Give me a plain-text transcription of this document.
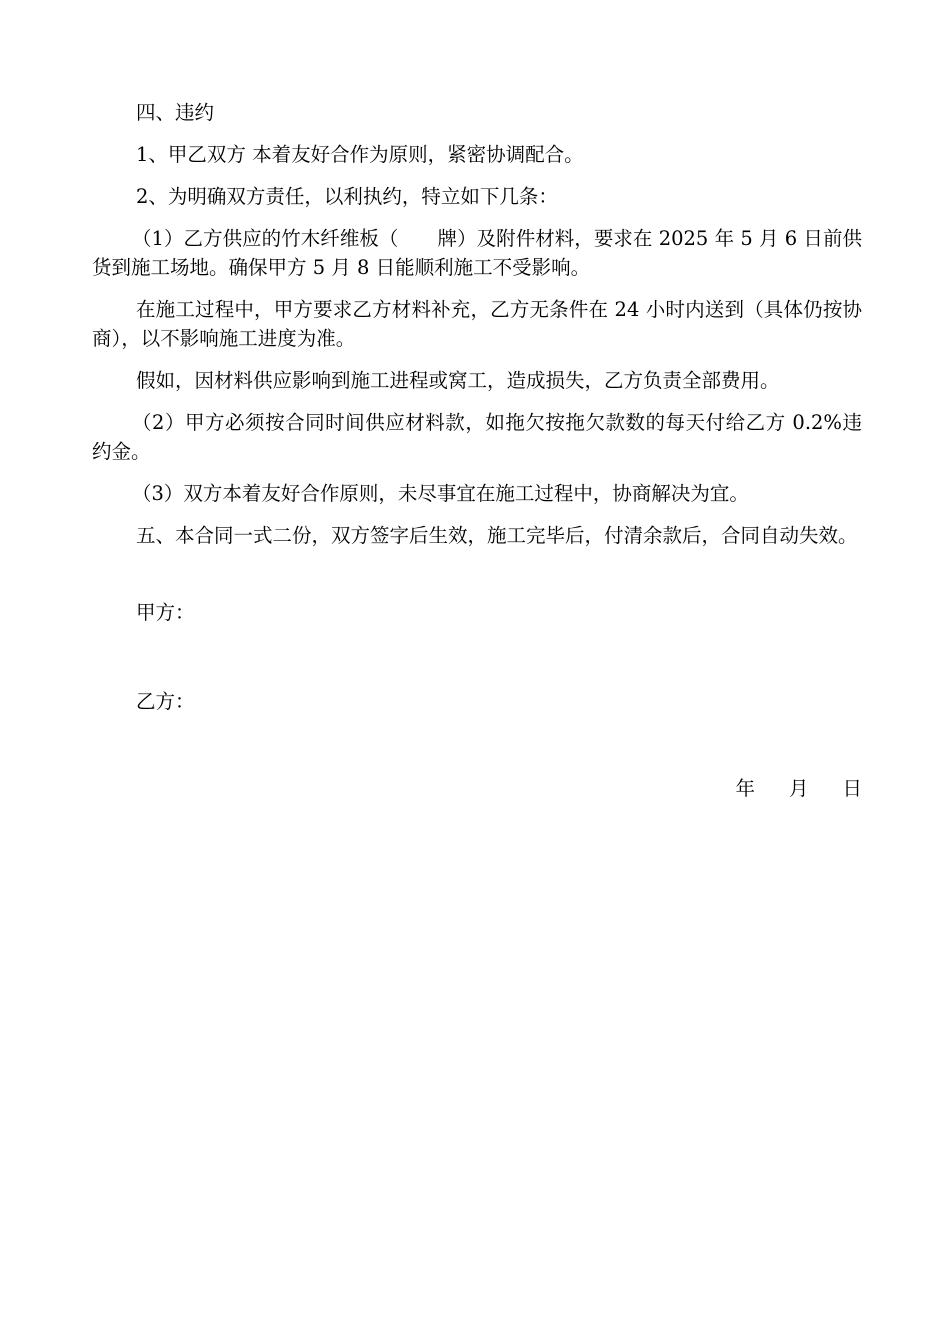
四、违约

1、甲乙双方 本着友好合作为原则，紧密协调配合。

2、为明确双方责任，以利执约，特立如下几条：

（1）乙方供应的竹木纤维板（　　牌）及附件材料，要求在 2025 年 5 月 6 日前供货到施工场地。确保甲方 5 月 8 日能顺利施工不受影响。

在施工过程中，甲方要求乙方材料补充，乙方无条件在 24 小时内送到（具体仍按协商），以不影响施工进度为准。

假如，因材料供应影响到施工进程或窝工，造成损失，乙方负责全部费用。

（2）甲方必须按合同时间供应材料款，如拖欠按拖欠款数的每天付给乙方 0.2%违约金。

（3）双方本着友好合作原则，未尽事宜在施工过程中，协商解决为宜。

五、本合同一式二份，双方签字后生效，施工完毕后，付清余款后，合同自动失效。

甲方：

乙方：

年 月 日
